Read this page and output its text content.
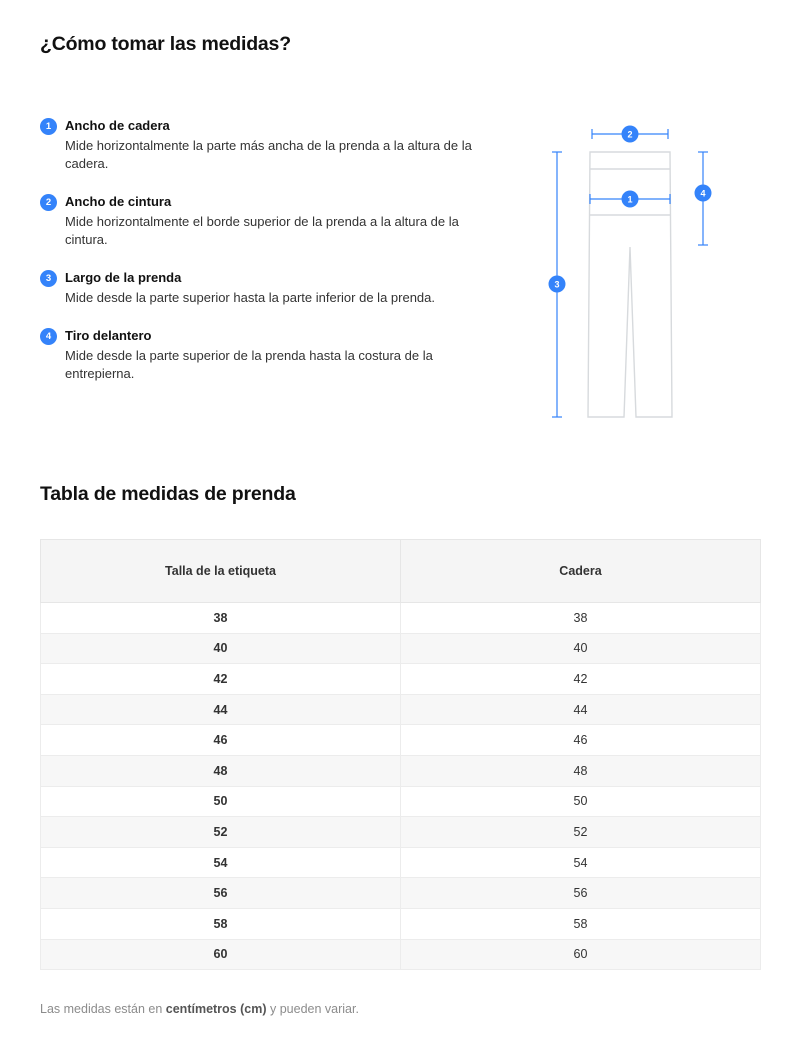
¿Cómo tomar las medidas?
1	Ancho de cadera
Mide horizontalmente la parte más ancha de la prenda a la altura de la cadera.
2	Ancho de cintura
Mide horizontalmente el borde superior de la prenda a la altura de la cintura.
3	Largo de la prenda
Mide desde la parte superior hasta la parte inferior de la prenda.
4	Tiro delantero
Mide desde la parte superior de la prenda hasta la costura de la entrepierna.
2
1
3
4
Tabla de medidas de prenda
Talla de la etiqueta	Cadera
38	38
40	40
42	42
44	44
46	46
48	48
50	50
52	52
54	54
56	56
58	58
60	60
Las medidas están en centímetros (cm) y pueden variar.
